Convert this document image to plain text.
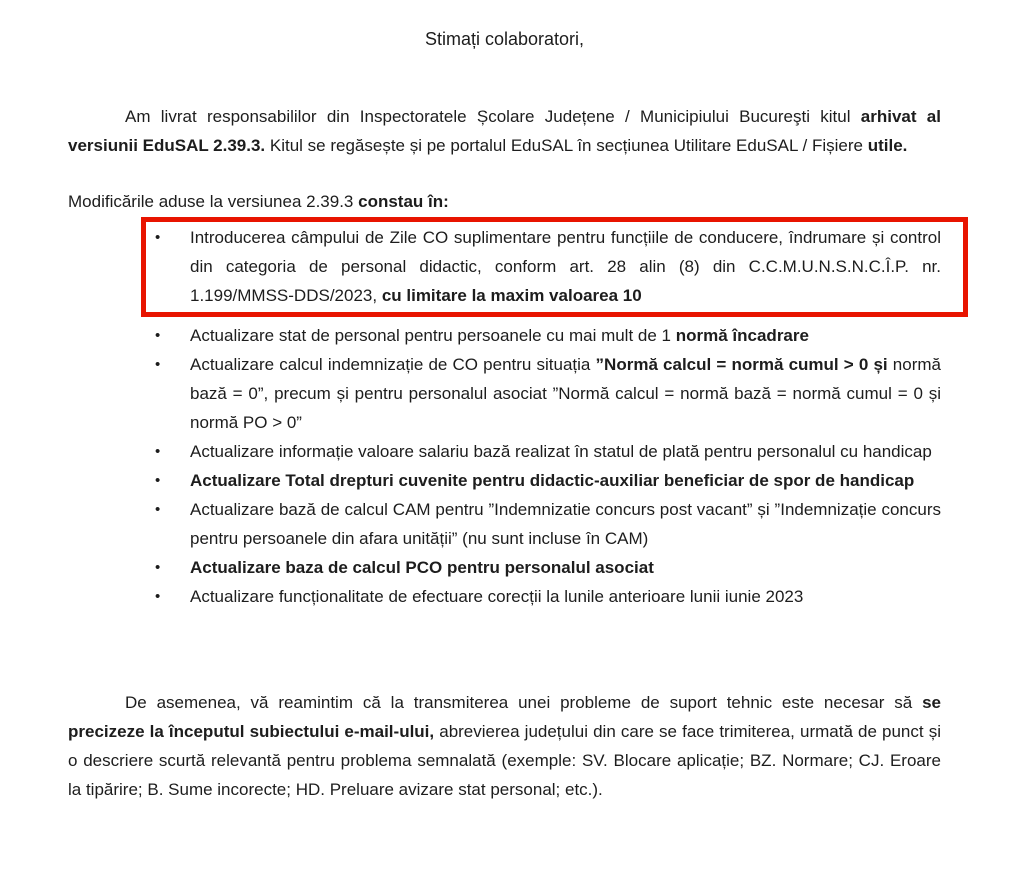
Stimați colaboratori,

Am livrat responsabililor din Inspectoratele Școlare Județene / Municipiului Bucureşti kitul arhivat al versiunii EduSAL 2.39.3. Kitul se regăsește și pe portalul EduSAL în secțiunea Utilitare EduSAL / Fișiere utile.

Modificările aduse la versiunea 2.39.3 constau în:

•	Introducerea câmpului de Zile CO suplimentare pentru funcțiile de conducere, îndrumare și control din categoria de personal didactic, conform art. 28 alin (8) din C.C.M.U.N.S.N.C.Î.P. nr. 1.199/MMSS-DDS/2023, cu limitare la maxim valoarea 10
•	Actualizare stat de personal pentru persoanele cu mai mult de 1 normă încadrare
•	Actualizare calcul indemnizație de CO pentru situația ”Normă calcul = normă cumul > 0 și normă bază = 0”, precum și pentru personalul asociat ”Normă calcul = normă bază = normă cumul = 0 și normă PO > 0”
•	Actualizare informație valoare salariu bază realizat în statul de plată pentru personalul cu handicap
•	Actualizare Total drepturi cuvenite pentru didactic-auxiliar beneficiar de spor de handicap
•	Actualizare bază de calcul CAM pentru ”Indemnizatie concurs post vacant” și ”Indemnizație concurs pentru persoanele din afara unității” (nu sunt incluse în CAM)
•	Actualizare baza de calcul PCO pentru personalul asociat
•	Actualizare funcționalitate de efectuare corecții la lunile anterioare lunii iunie 2023

De asemenea, vă reamintim că la transmiterea unei probleme de suport tehnic este necesar să se precizeze la începutul subiectului e-mail-ului, abrevierea județului din care se face trimiterea, urmată de punct și o descriere scurtă relevantă pentru problema semnalată (exemple: SV. Blocare aplicație; BZ. Normare; CJ. Eroare la tipărire; B. Sume incorecte; HD. Preluare avizare stat personal; etc.).
